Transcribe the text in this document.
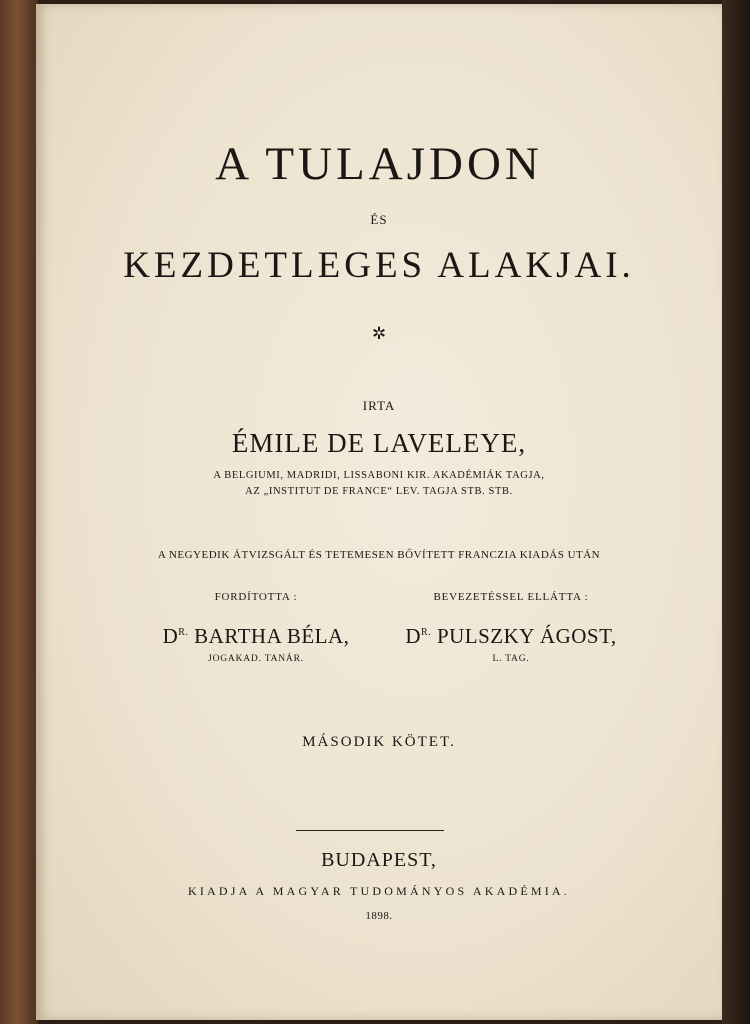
A TULAJDON
ÉS
KEZDETLEGES ALAKJAI.
✲
IRTA
ÉMILE DE LAVELEYE,
A BELGIUMI, MADRIDI, LISSABONI KIR. AKADÉMIÁK TAGJA,
AZ „INSTITUT DE FRANCE“ LEV. TAGJA STB. STB.
A NEGYEDIK ÁTVIZSGÁLT ÉS TETEMESEN BŐVÍTETT FRANCZIA KIADÁS UTÁN
FORDÍTOTTA :
$D^{R.}$ BARTHA BÉLA,
JOGAKAD. TANÁR.
BEVEZETÉSSEL ELLÁTTA :
$D^{R.}$ PULSZKY ÁGOST,
L. TAG.
MÁSODIK KÖTET.
BUDAPEST,
KIADJA A MAGYAR TUDOMÁNYOS AKADÉMIA.
1898.
